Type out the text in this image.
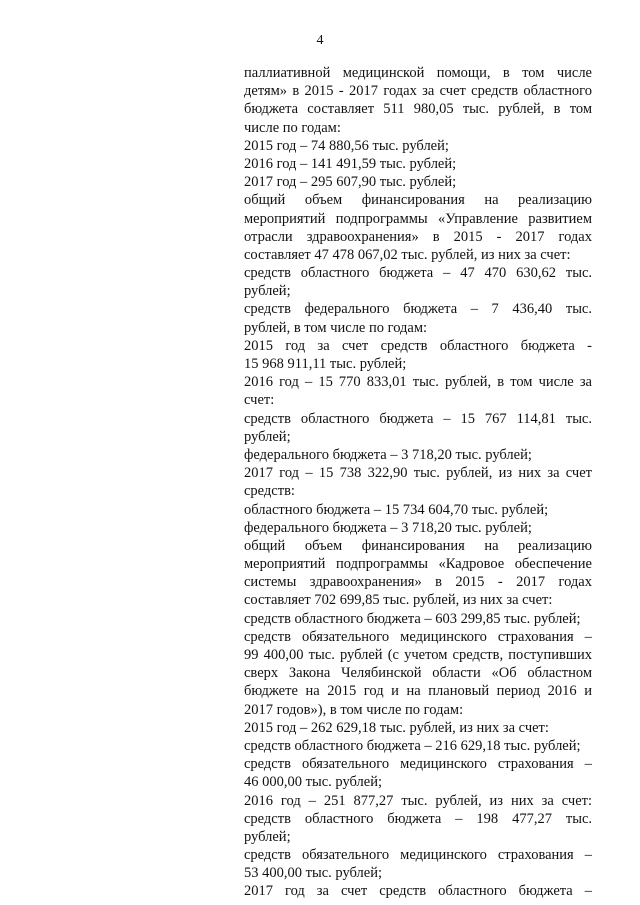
4
паллиативной медицинской помощи, в том числе
детям» в 2015 - 2017 годах за счет средств областного
бюджета составляет 511 980,05 тыс. рублей, в том
числе по годам:
2015 год – 74 880,56 тыс. рублей;
2016 год – 141 491,59 тыс. рублей;
2017 год – 295 607,90 тыс. рублей;
общий объем финансирования на реализацию
мероприятий подпрограммы «Управление развитием
отрасли здравоохранения» в 2015 - 2017 годах
составляет 47 478 067,02 тыс. рублей, из них за счет:
средств областного бюджета – 47 470 630,62 тыс.
рублей;
средств федерального бюджета – 7 436,40 тыс.
рублей, в том числе по годам:
2015 год за счет средств областного бюджета -
15 968 911,11 тыс. рублей;
2016 год – 15 770 833,01 тыс. рублей, в том числе за
счет:
средств областного бюджета – 15 767 114,81 тыс.
рублей;
федерального бюджета – 3 718,20 тыс. рублей;
2017 год – 15 738 322,90 тыс. рублей, из них за счет
средств:
областного бюджета – 15 734 604,70 тыс. рублей;
федерального бюджета – 3 718,20 тыс. рублей;
общий объем финансирования на реализацию
мероприятий подпрограммы «Кадровое обеспечение
системы здравоохранения» в 2015 - 2017 годах
составляет 702 699,85 тыс. рублей, из них за счет:
средств областного бюджета – 603 299,85 тыс. рублей;
средств обязательного медицинского страхования –
99 400,00 тыс. рублей (с учетом средств, поступивших
сверх Закона Челябинской области «Об областном
бюджете на 2015 год и на плановый период 2016 и
2017 годов»), в том числе по годам:
2015 год – 262 629,18 тыс. рублей, из них за счет:
средств областного бюджета – 216 629,18 тыс. рублей;
средств обязательного медицинского страхования –
46 000,00 тыс. рублей;
2016 год – 251 877,27 тыс. рублей, из них за счет:
средств областного бюджета – 198 477,27 тыс.
рублей;
средств обязательного медицинского страхования –
53 400,00 тыс. рублей;
2017 год за счет средств областного бюджета –
